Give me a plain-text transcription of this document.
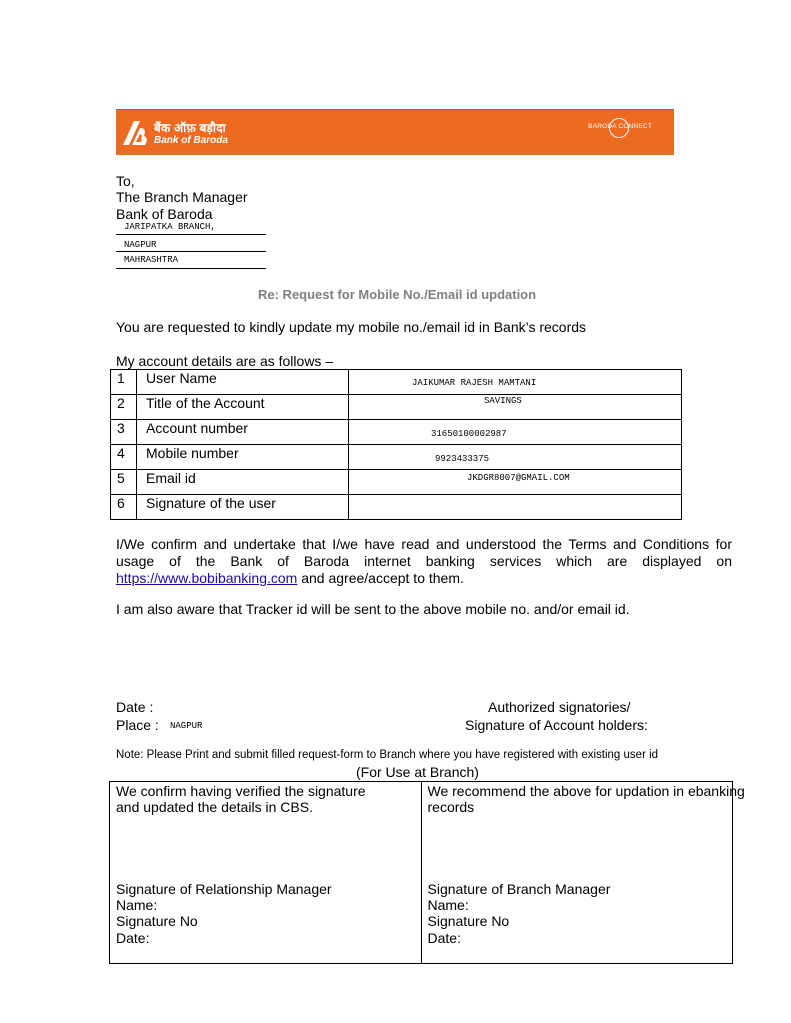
बैंक ऑफ़ बड़ौदा
Bank of Baroda
BARODA CONNECT
To,
The Branch Manager
Bank of Baroda
JARIPATKA BRANCH,
NAGPUR
MAHRASHTRA
Re: Request for Mobile No./Email id updation
You are requested to kindly update my mobile no./email id in Bank’s records
My account details are as follows –
1	User Name	JAIKUMAR RAJESH MAMTANI

2	Title of the Account	SAVINGS

3	Account number	31650100002987

4	Mobile number	9923433375

5	Email id	JKDGR8007@GMAIL.COM

6	Signature of the user	
I/We confirm and undertake that I/we have read and understood the Terms and Conditions for usage of the Bank of Baroda internet banking services which are displayed on https://www.bobibanking.com and agree/accept to them.
I am also aware that Tracker id will be sent to the above mobile no. and/or email id.
Date :
Place : NAGPUR
Authorized signatories/
Signature of Account holders:
Note: Please Print and submit filled request-form to Branch where you have registered with existing user id
(For Use at Branch)
We confirm having verified the signature
and updated the details in CBS.
Signature of Relationship Manager
Name:
Signature No
Date:

We recommend the above for updation in ebanking
records
Signature of Branch Manager
Name:
Signature No
Date:
